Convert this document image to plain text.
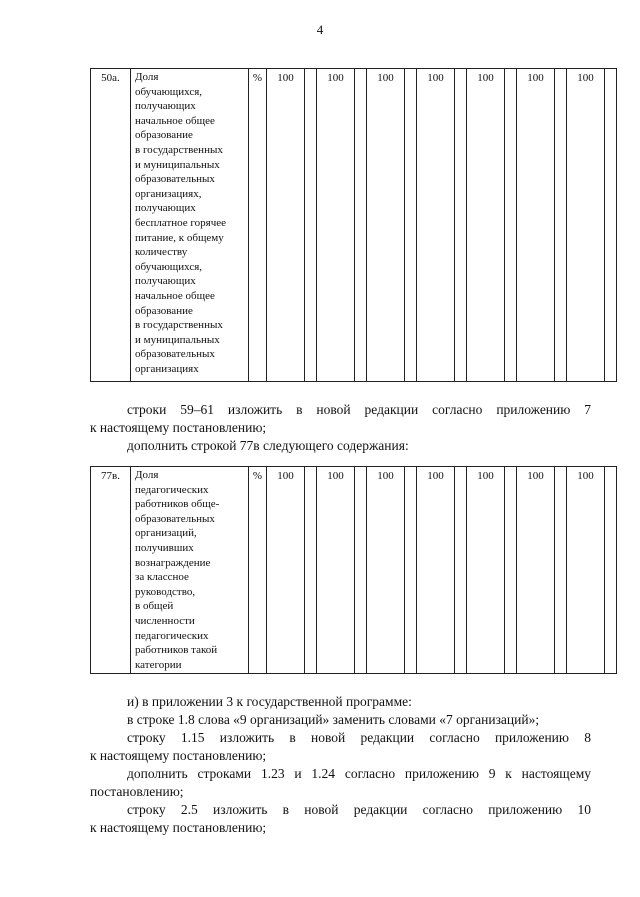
4
50а.	Доля
обучающихся,
получающих
начальное общее
образование
в государственных
и муниципальных
образовательных
организациях,
получающих
бесплатное горячее
питание, к общему
количеству
обучающихся,
получающих
начальное общее
образование
в государственных
и муниципальных
образовательных
организациях
	%	100		100		100		100		100		100		100	

строки 59–61 изложить в новой редакции согласно приложению 7

к настоящему постановлению;

дополнить строкой 77в следующего содержания:

77в.	Доля
педагогических
работников обще-
образовательных
организаций,
получивших
вознаграждение
за классное
руководство,
в общей
численности
педагогических
работников такой
категории
	%	100		100		100		100		100		100		100	

и) в приложении 3 к государственной программе:

в строке 1.8 слова «9 организаций» заменить словами «7 организаций»;

строку 1.15 изложить в новой редакции согласно приложению 8

к настоящему постановлению;

дополнить строками 1.23 и 1.24 согласно приложению 9 к настоящему

постановлению;

строку 2.5 изложить в новой редакции согласно приложению 10

к настоящему постановлению;
